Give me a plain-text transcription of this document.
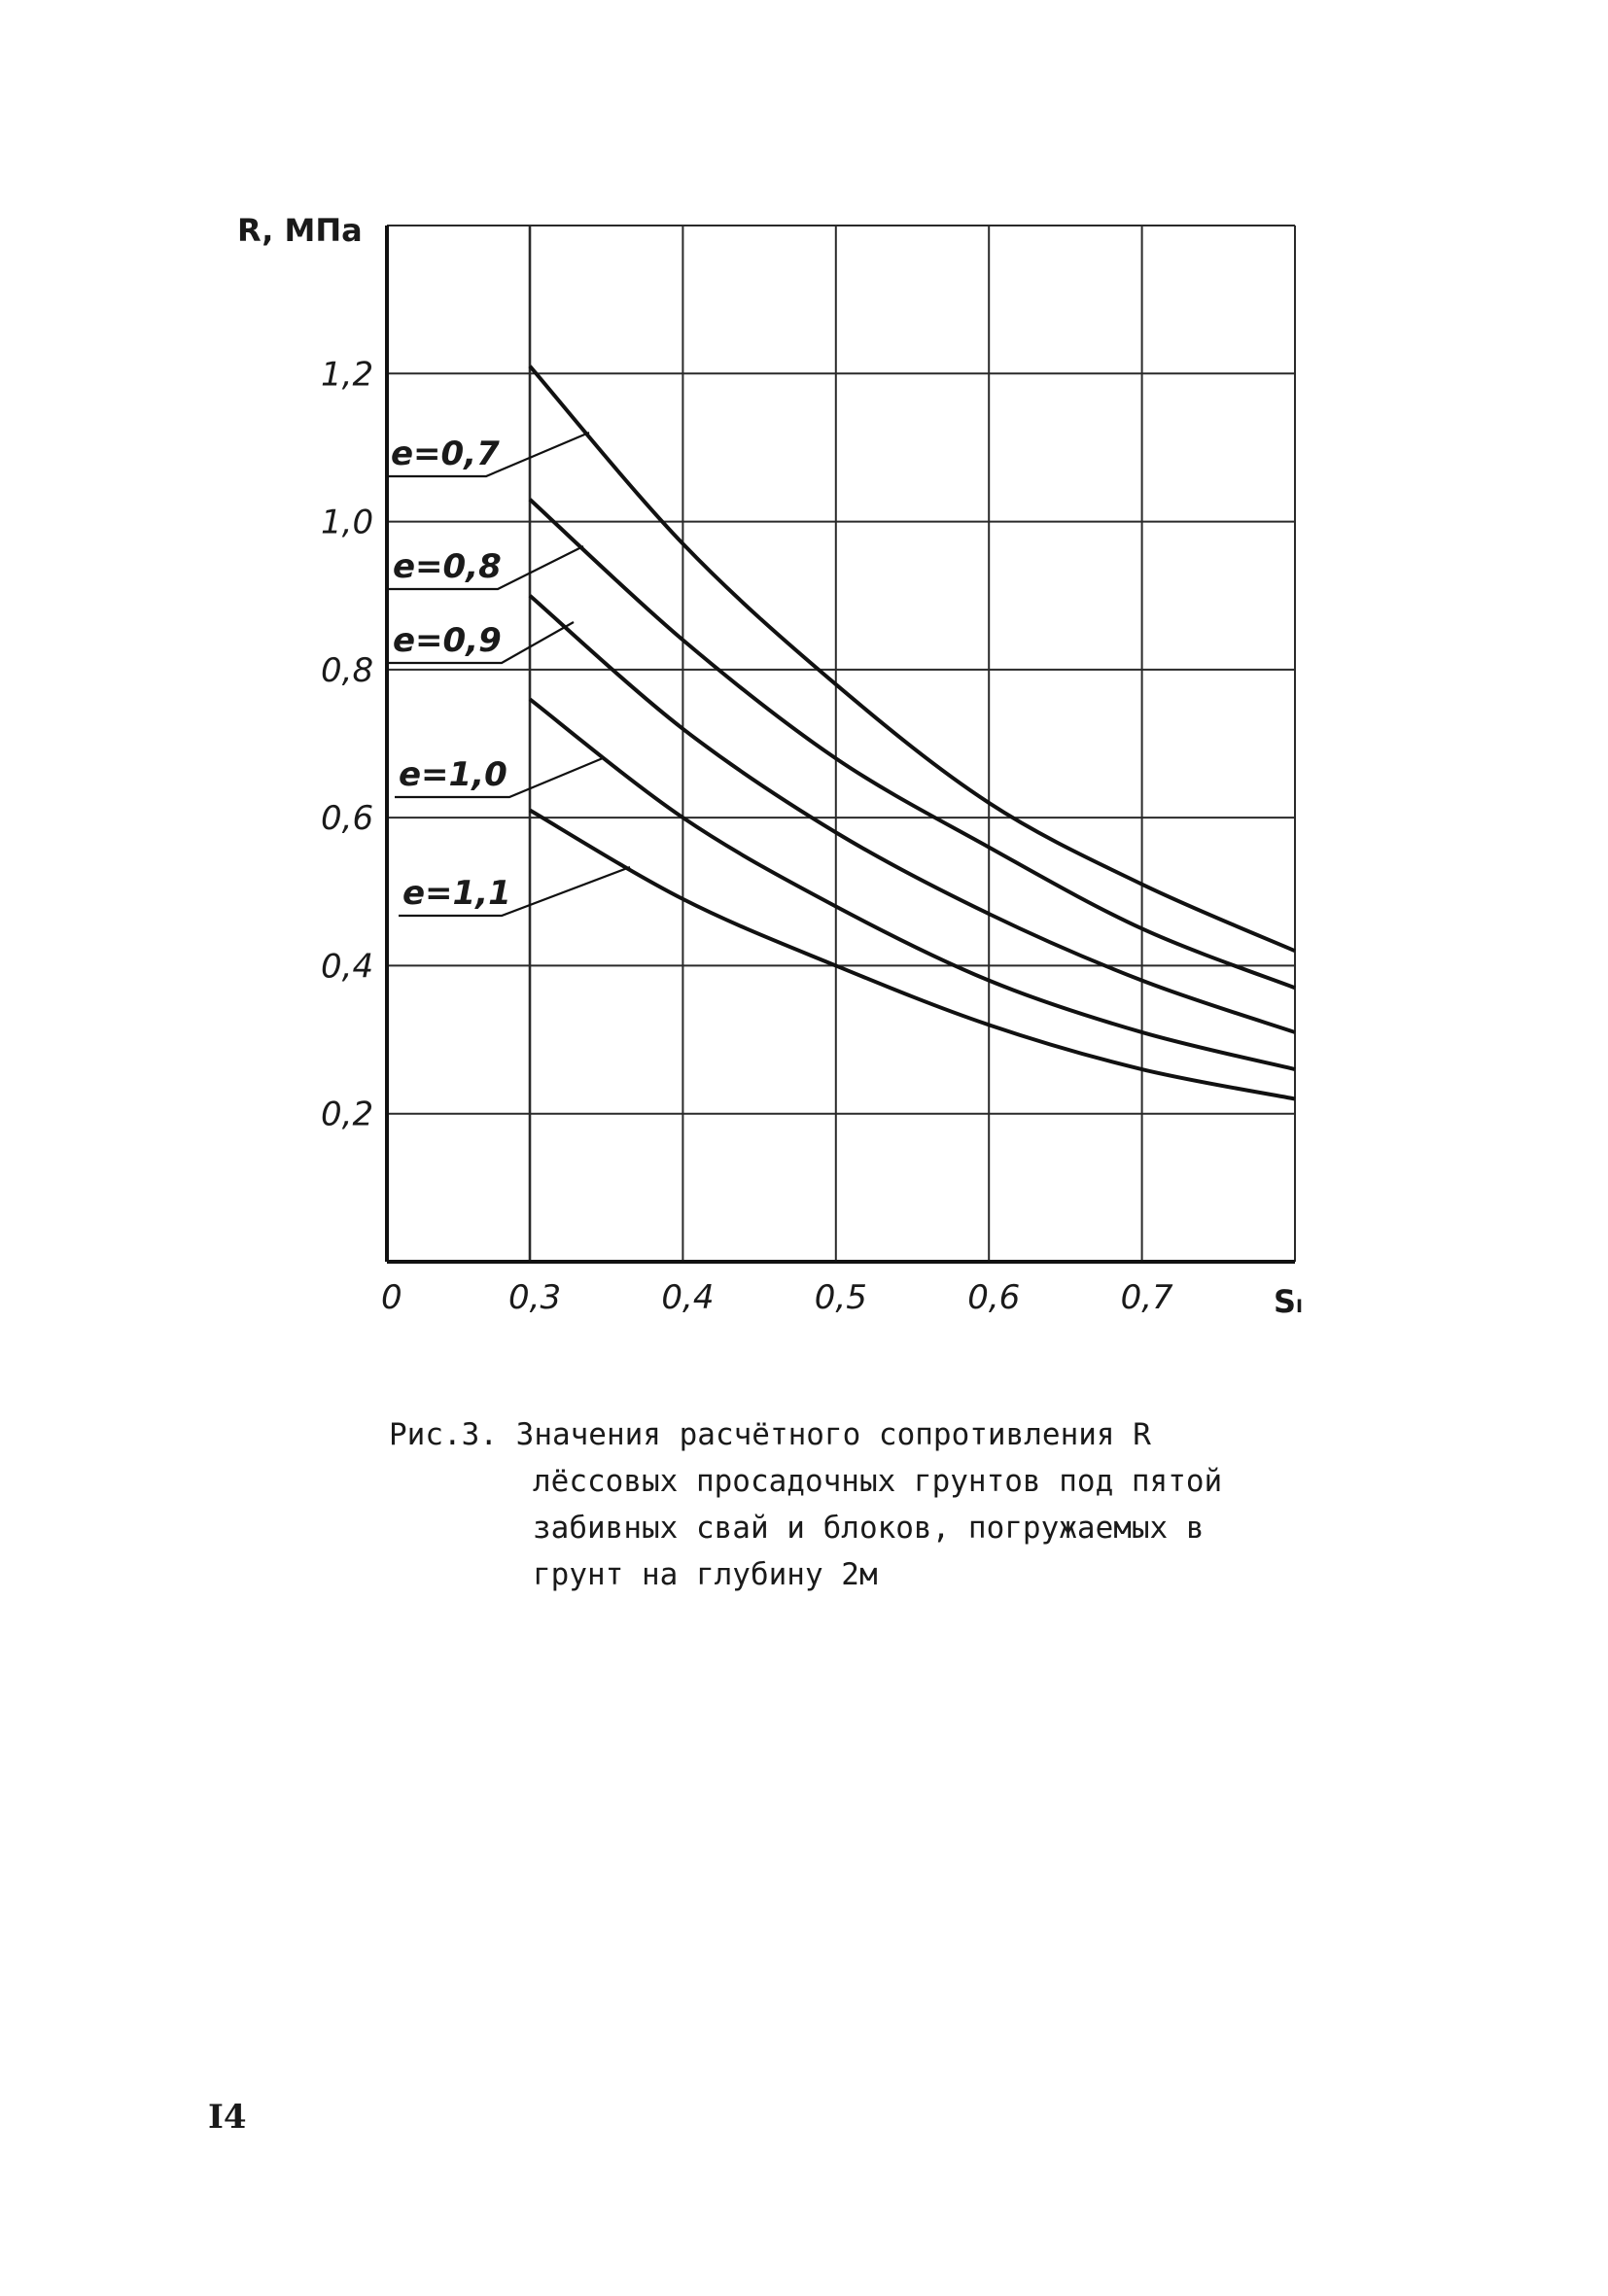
0,2
0,4
0,6
0,8
1,0
1,2
0	0,3	0,4	0,5	0,6	0,7
e=0,7
e=0,8
e=0,9
e=1,0
e=1,1
R, МПа
Sₗ
Рис.3. Значения расчётного сопротивления R
лёссовых просадочных грунтов под пятой
забивных свай и блоков, погружаемых в
грунт на глубину 2м
I4
